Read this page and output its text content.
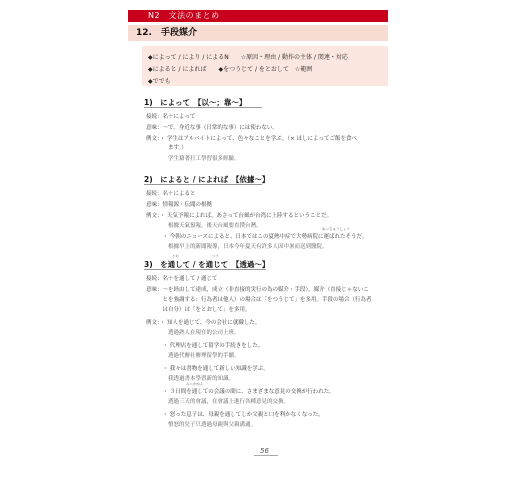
N2　文法のまとめ
12.　手段媒介
◆によって / により / によるN　　☆原因・理由 / 動作の主体 / 関連・対応
◆によると / によれば　　◆をつうじて / をとおして　☆範囲
◆ででも
1)　によって　【以～；靠～】
接続：名＋によって
意味：～で。身近な事（日常的な事）には使わない。
例文：・ 学生はアルバイトによって、色々なことを学ぶ。（× ほしによってご飯を食べ
　　　　ます。）
　　　　学生藉著打工學習很多經驗。
2)　によると / によれば　【依據～】
接続：名＋によると
意味：情報源・伝聞の根拠
例文：・ 天気予報によれば、あさって台風が台湾に上陸するということだ。
　　　　根據天氣預報，後天台風要直撲台灣。	ねっちゅうしょう
　　　・ 今朝のニュースによると、日本ではこの夏熱中症で大勢病院に運ばれたそうだ。
　　　　根據早上的新聞報導，日本今年夏天有許多人因中暑而送到醫院。
とお	つう
3)　を通して / を通じて　【透過～】
接続：名＋を通して / 通じて
意味：～を経由して達成，成立（非直接的実行の為の媒介・手段）。媒介（直接じゃないこ
　　　とを強調する：行為者は他人）の場合は「をつうじて」を多用。手段の場合（行為者
　　　は自分）は「をとおして」を多用。
例文：・ 知人を通じて、今の会社に就職した。
　　　　透過熟人在現在的公司上班。
　　　・ 代理店を通して留学の手続きをした。
　　　　透過代辦社辦理留學的手續。
　　　・ 我々は書物を通して新しい知識を学ぶ。
　　　　我透過書本學習新的知識。
みっかかん
　　　・ ３日間を通しての会議の間に、さまざまな意見の交換が行われた。
　　　　透過三天的會議，在會議上進行各種意見的交換。
　　　・ 怒った息子は、母親を通してしか父親と口を利かなくなった。
　　　　憤怒的兒子只透過母親與父親溝通。
56
